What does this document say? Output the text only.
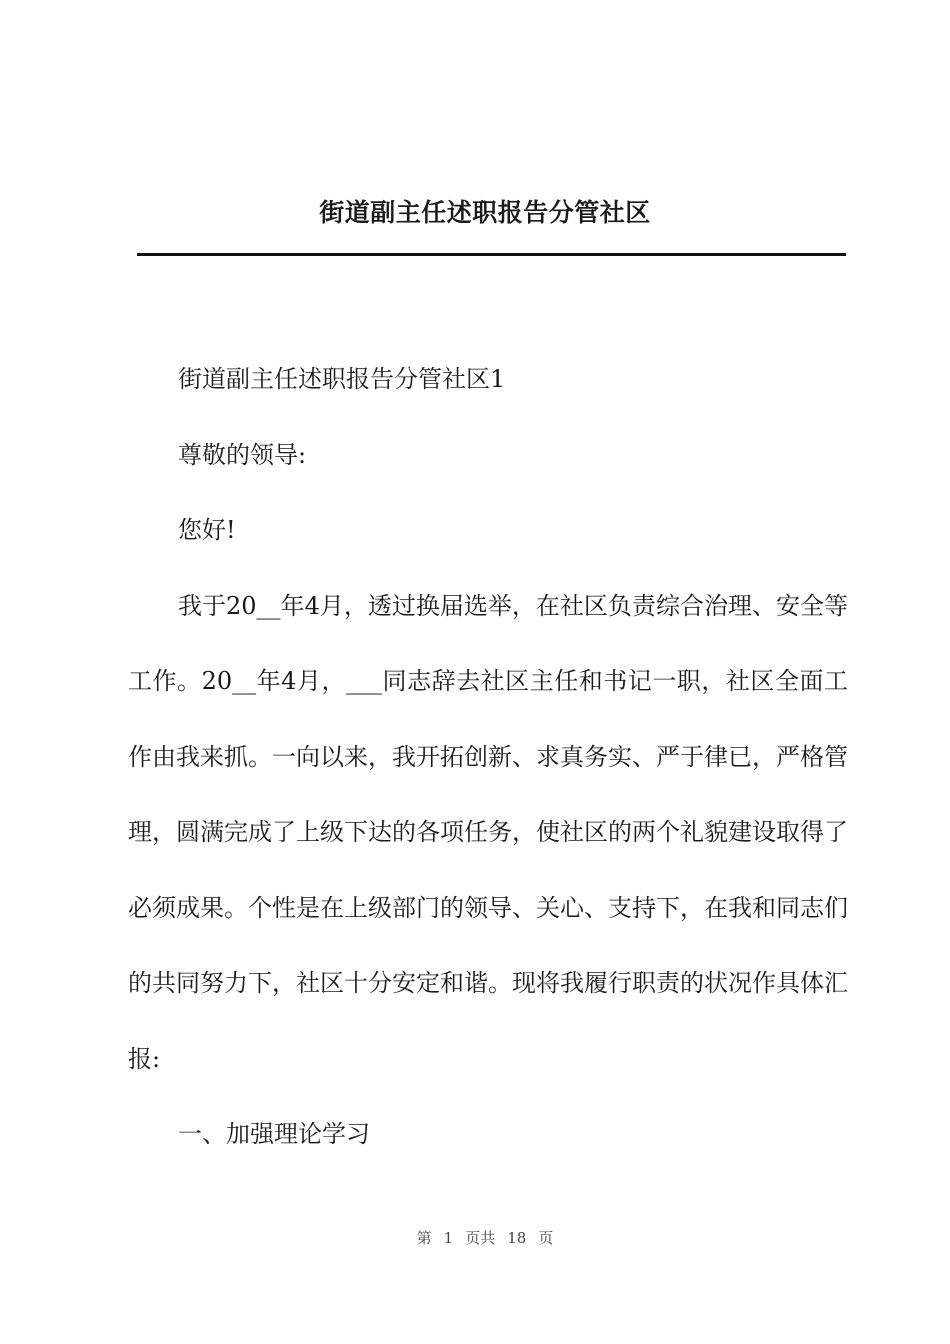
街道副主任述职报告分管社区

街道副主任述职报告分管社区1

尊敬的领导:

您好!

我于20__年4月，透过换届选举，在社区负责综合治理、安全等工作。20__年4月，___同志辞去社区主任和书记一职，社区全面工作由我来抓。一向以来，我开拓创新、求真务实、严于律已，严格管理，圆满完成了上级下达的各项任务，使社区的两个礼貌建设取得了必须成果。个性是在上级部门的领导、关心、支持下，在我和同志们的共同努力下，社区十分安定和谐。现将我履行职责的状况作具体汇报:

一、加强理论学习

第 1 页共 18 页
